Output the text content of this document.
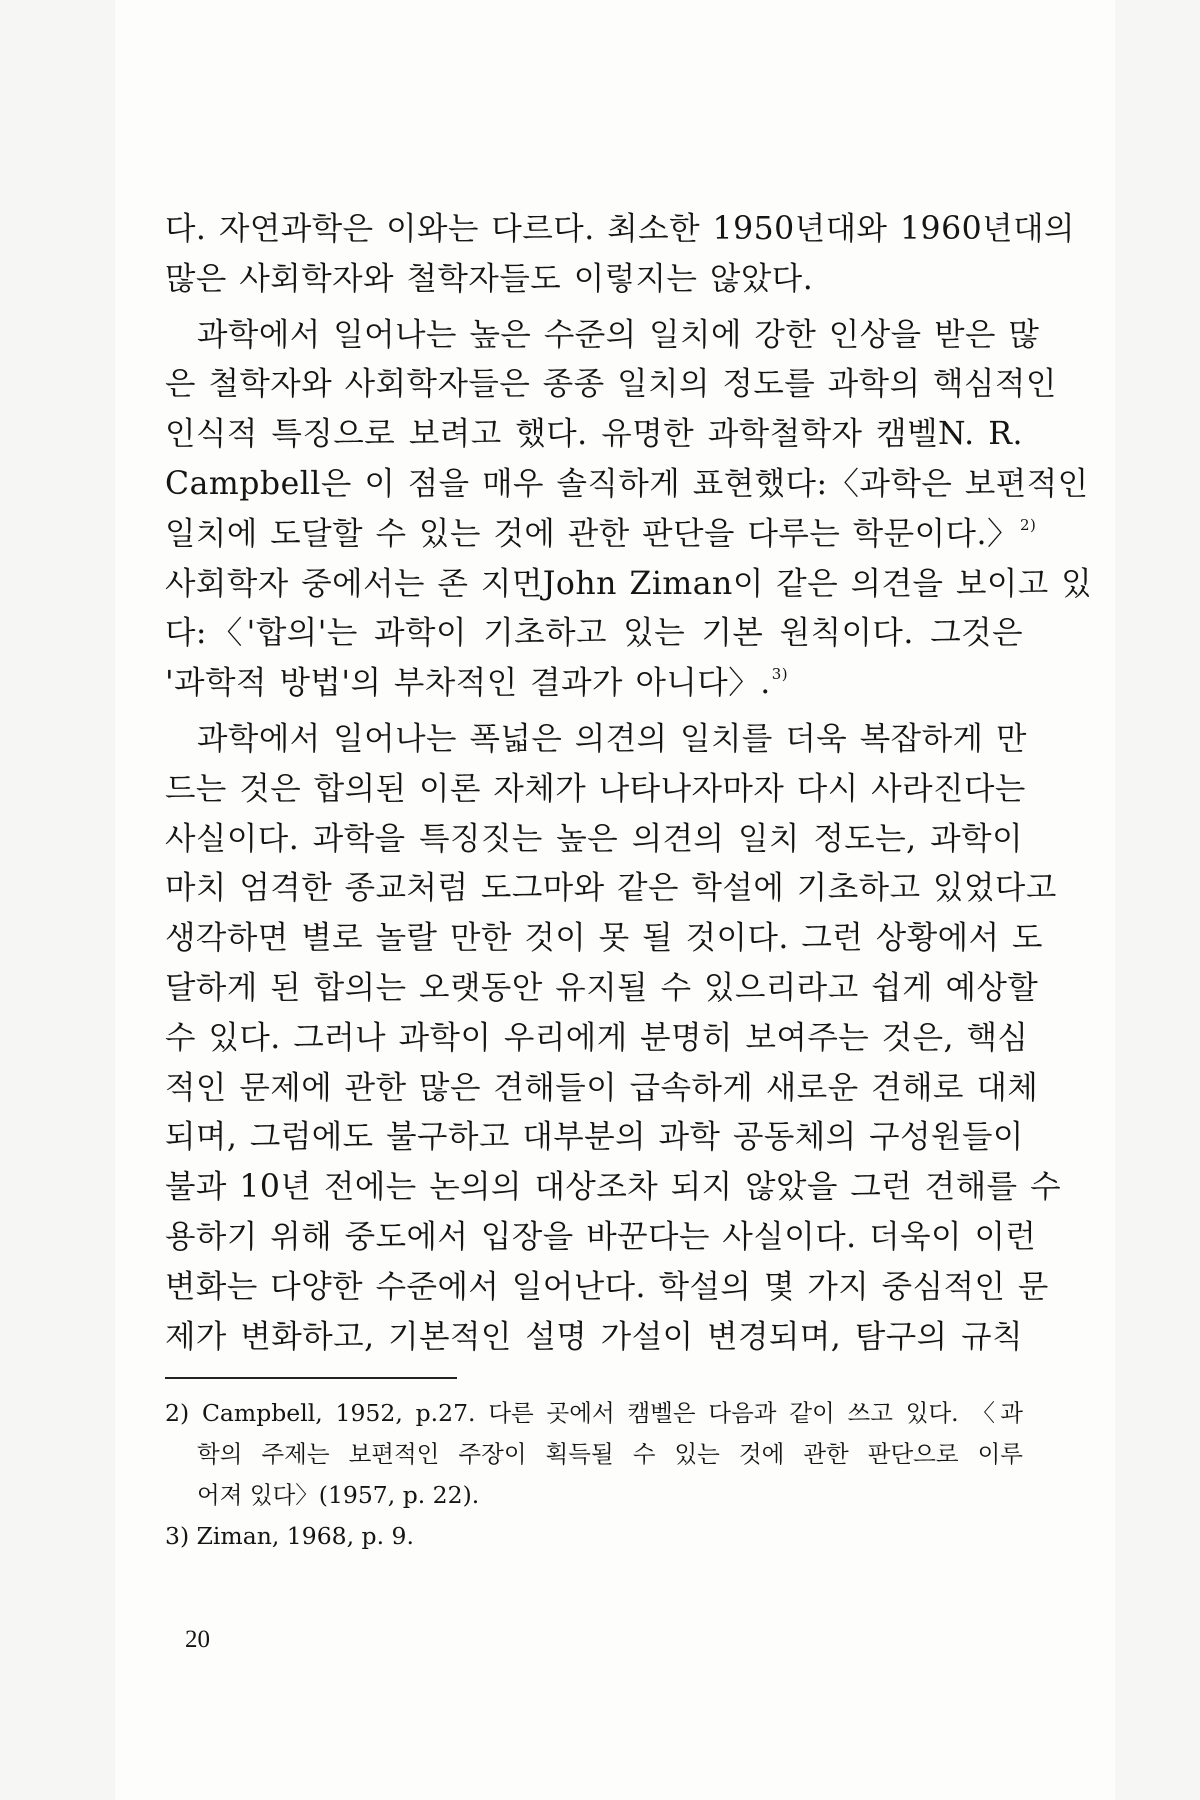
다. 자연과학은 이와는 다르다. 최소한 1950년대와 1960년대의
많은 사회학자와 철학자들도 이렇지는 않았다.
과학에서 일어나는 높은 수준의 일치에 강한 인상을 받은 많
은 철학자와 사회학자들은 종종 일치의 정도를 과학의 핵심적인
인식적 특징으로 보려고 했다. 유명한 과학철학자 캠벨N. R.
Campbell은 이 점을 매우 솔직하게 표현했다:〈과학은 보편적인
일치에 도달할 수 있는 것에 관한 판단을 다루는 학문이다.〉$^{2)}$
사회학자 중에서는 존 지먼John Ziman이 같은 의견을 보이고 있
다:〈'합의'는 과학이 기초하고 있는 기본 원칙이다. 그것은
'과학적 방법'의 부차적인 결과가 아니다〉.$^{3)}$
과학에서 일어나는 폭넓은 의견의 일치를 더욱 복잡하게 만
드는 것은 합의된 이론 자체가 나타나자마자 다시 사라진다는
사실이다. 과학을 특징짓는 높은 의견의 일치 정도는, 과학이
마치 엄격한 종교처럼 도그마와 같은 학설에 기초하고 있었다고
생각하면 별로 놀랄 만한 것이 못 될 것이다. 그런 상황에서 도
달하게 된 합의는 오랫동안 유지될 수 있으리라고 쉽게 예상할
수 있다. 그러나 과학이 우리에게 분명히 보여주는 것은, 핵심
적인 문제에 관한 많은 견해들이 급속하게 새로운 견해로 대체
되며, 그럼에도 불구하고 대부분의 과학 공동체의 구성원들이
불과 10년 전에는 논의의 대상조차 되지 않았을 그런 견해를 수
용하기 위해 중도에서 입장을 바꾼다는 사실이다. 더욱이 이런
변화는 다양한 수준에서 일어난다. 학설의 몇 가지 중심적인 문
제가 변화하고, 기본적인 설명 가설이 변경되며, 탐구의 규칙
2) Campbell, 1952, p.27. 다른 곳에서 캠벨은 다음과 같이 쓰고 있다. 〈과
학의 주제는 보편적인 주장이 획득될 수 있는 것에 관한 판단으로 이루
어져 있다〉(1957, p. 22).
3) Ziman, 1968, p. 9.
20
